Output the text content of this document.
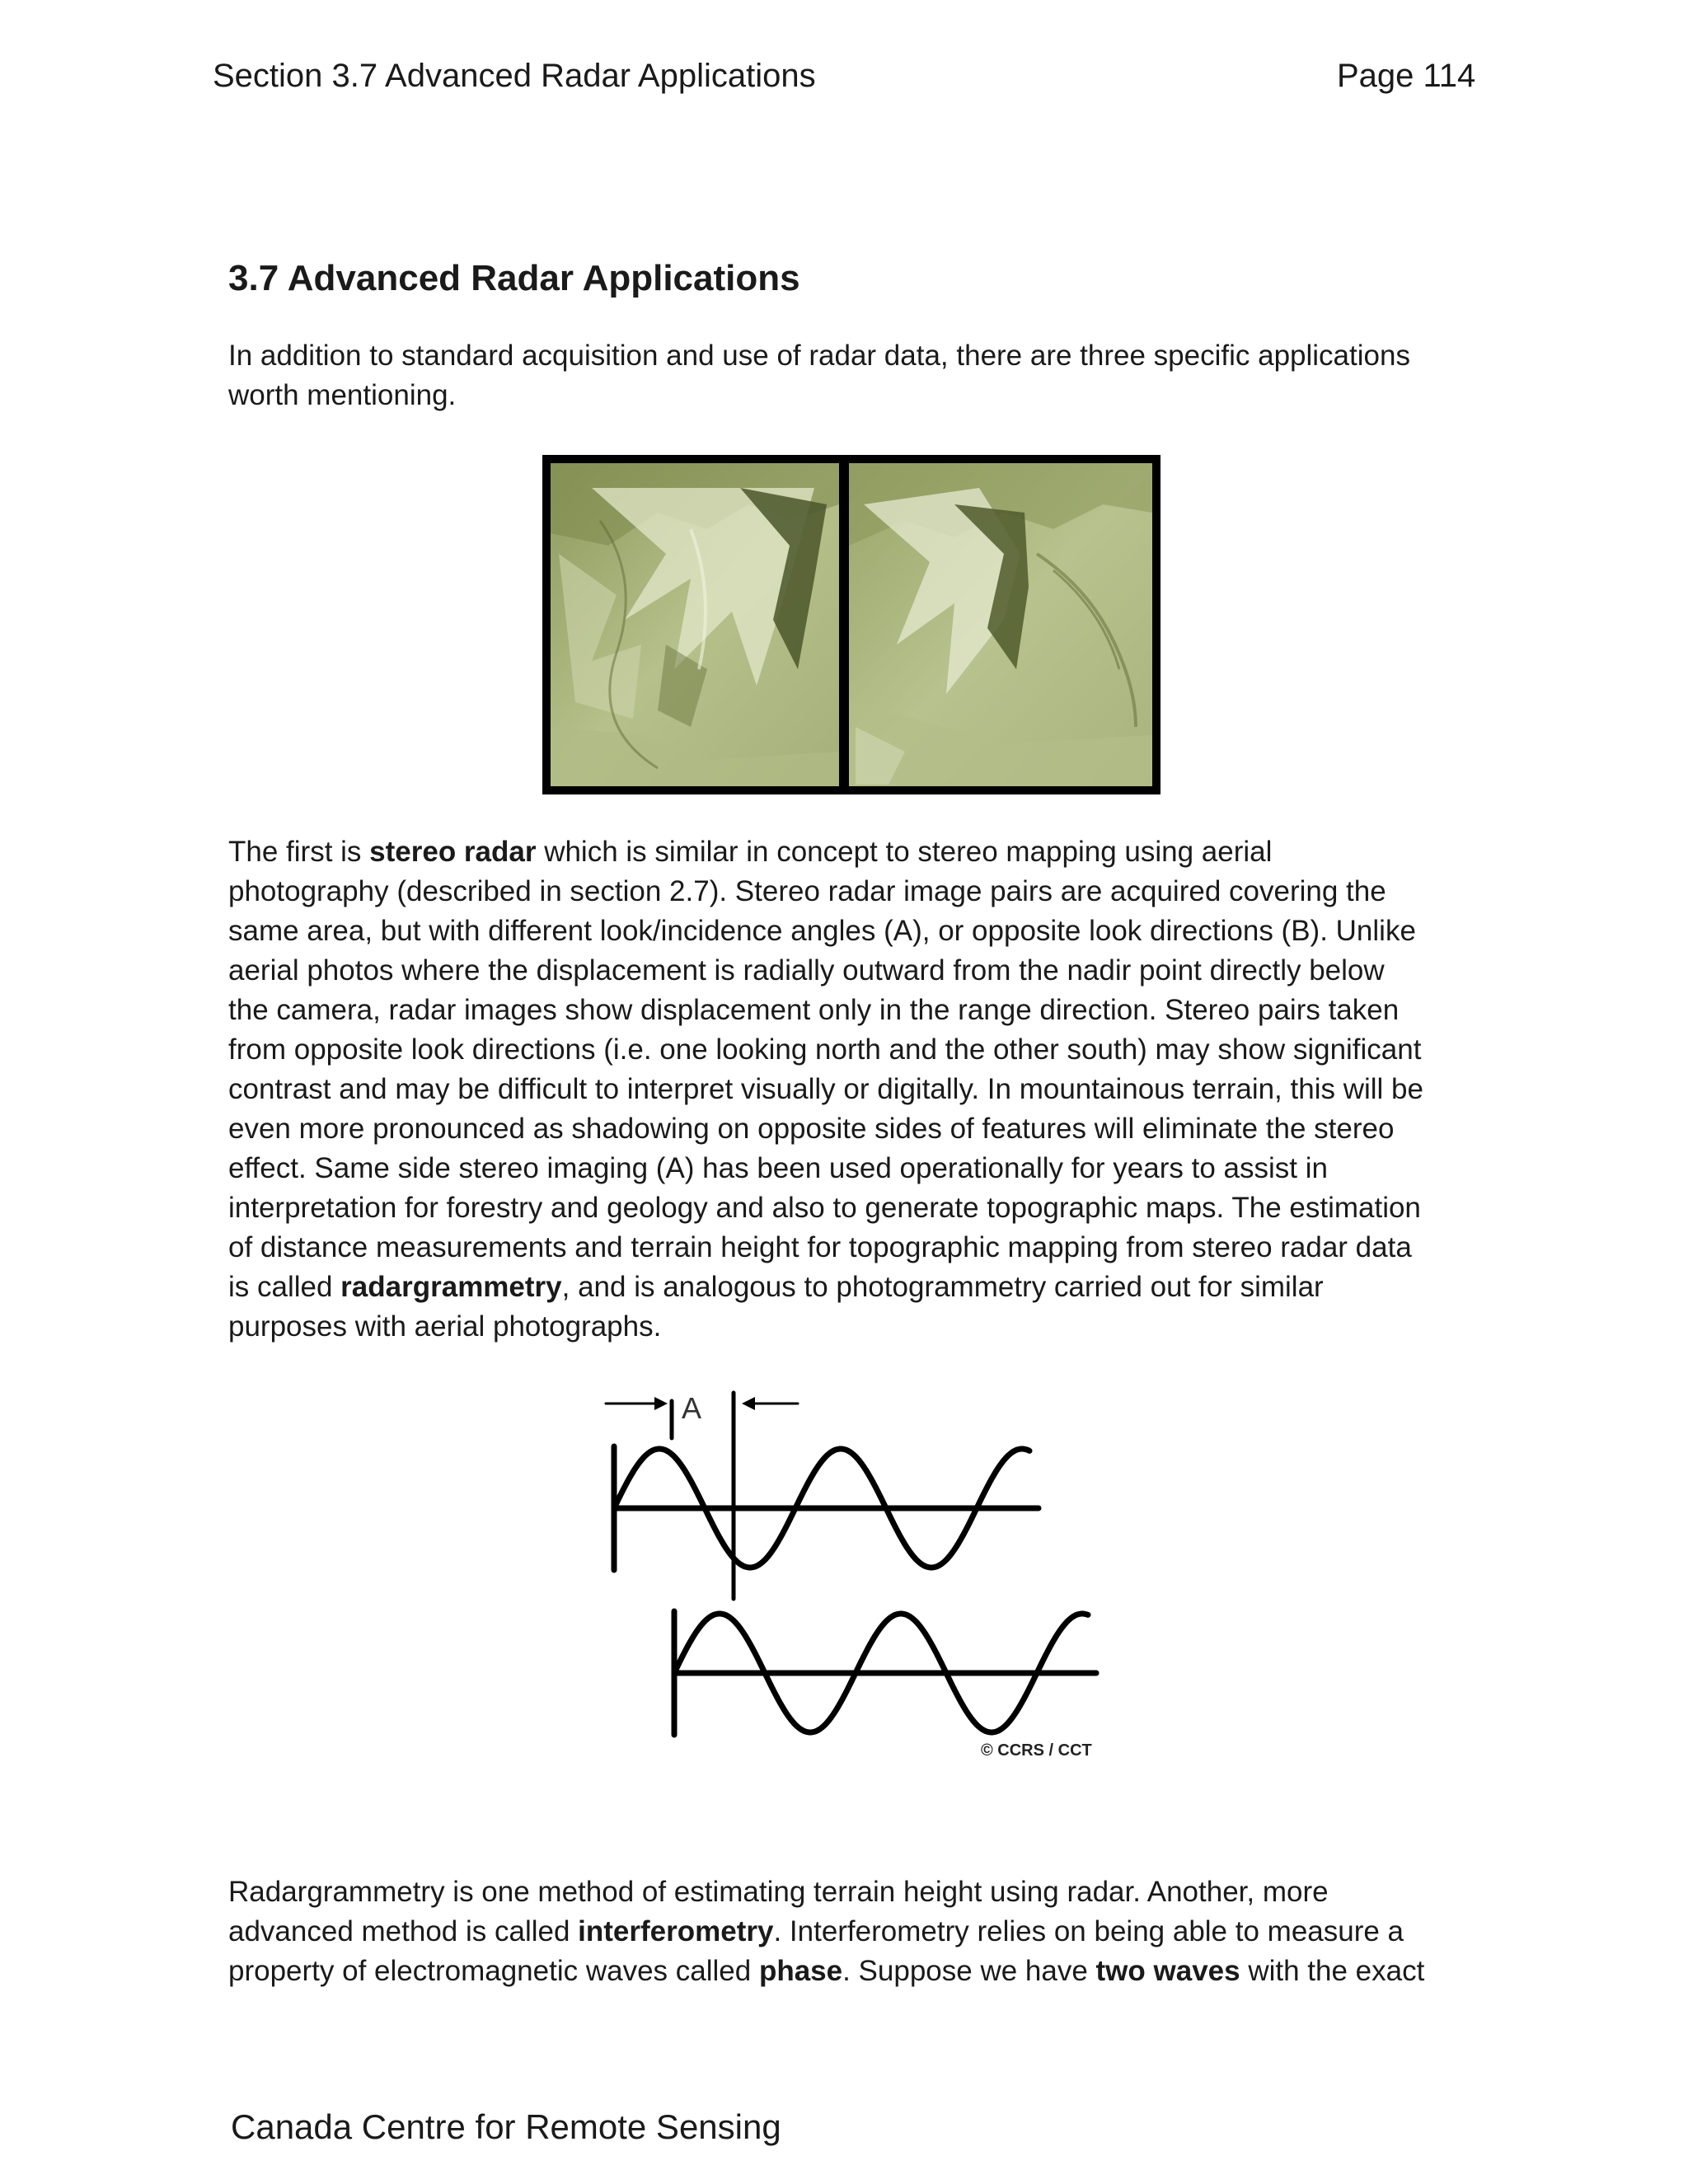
Section 3.7 Advanced Radar Applications	Page 114
3.7 Advanced Radar Applications

In addition to standard acquisition and use of radar data, there are three specific applications
worth mentioning.

The first is stereo radar which is similar in concept to stereo mapping using aerial
photography (described in section 2.7). Stereo radar image pairs are acquired covering the
same area, but with different look/incidence angles (A), or opposite look directions (B). Unlike
aerial photos where the displacement is radially outward from the nadir point directly below
the camera, radar images show displacement only in the range direction. Stereo pairs taken
from opposite look directions (i.e. one looking north and the other south) may show significant
contrast and may be difficult to interpret visually or digitally. In mountainous terrain, this will be
even more pronounced as shadowing on opposite sides of features will eliminate the stereo
effect. Same side stereo imaging (A) has been used operationally for years to assist in
interpretation for forestry and geology and also to generate topographic maps. The estimation
of distance measurements and terrain height for topographic mapping from stereo radar data
is called radargrammetry, and is analogous to photogrammetry carried out for similar
purposes with aerial photographs.

A
© CCRS / CCT

Radargrammetry is one method of estimating terrain height using radar. Another, more
advanced method is called interferometry. Interferometry relies on being able to measure a
property of electromagnetic waves called phase. Suppose we have two waves with the exact

Canada Centre for Remote Sensing
